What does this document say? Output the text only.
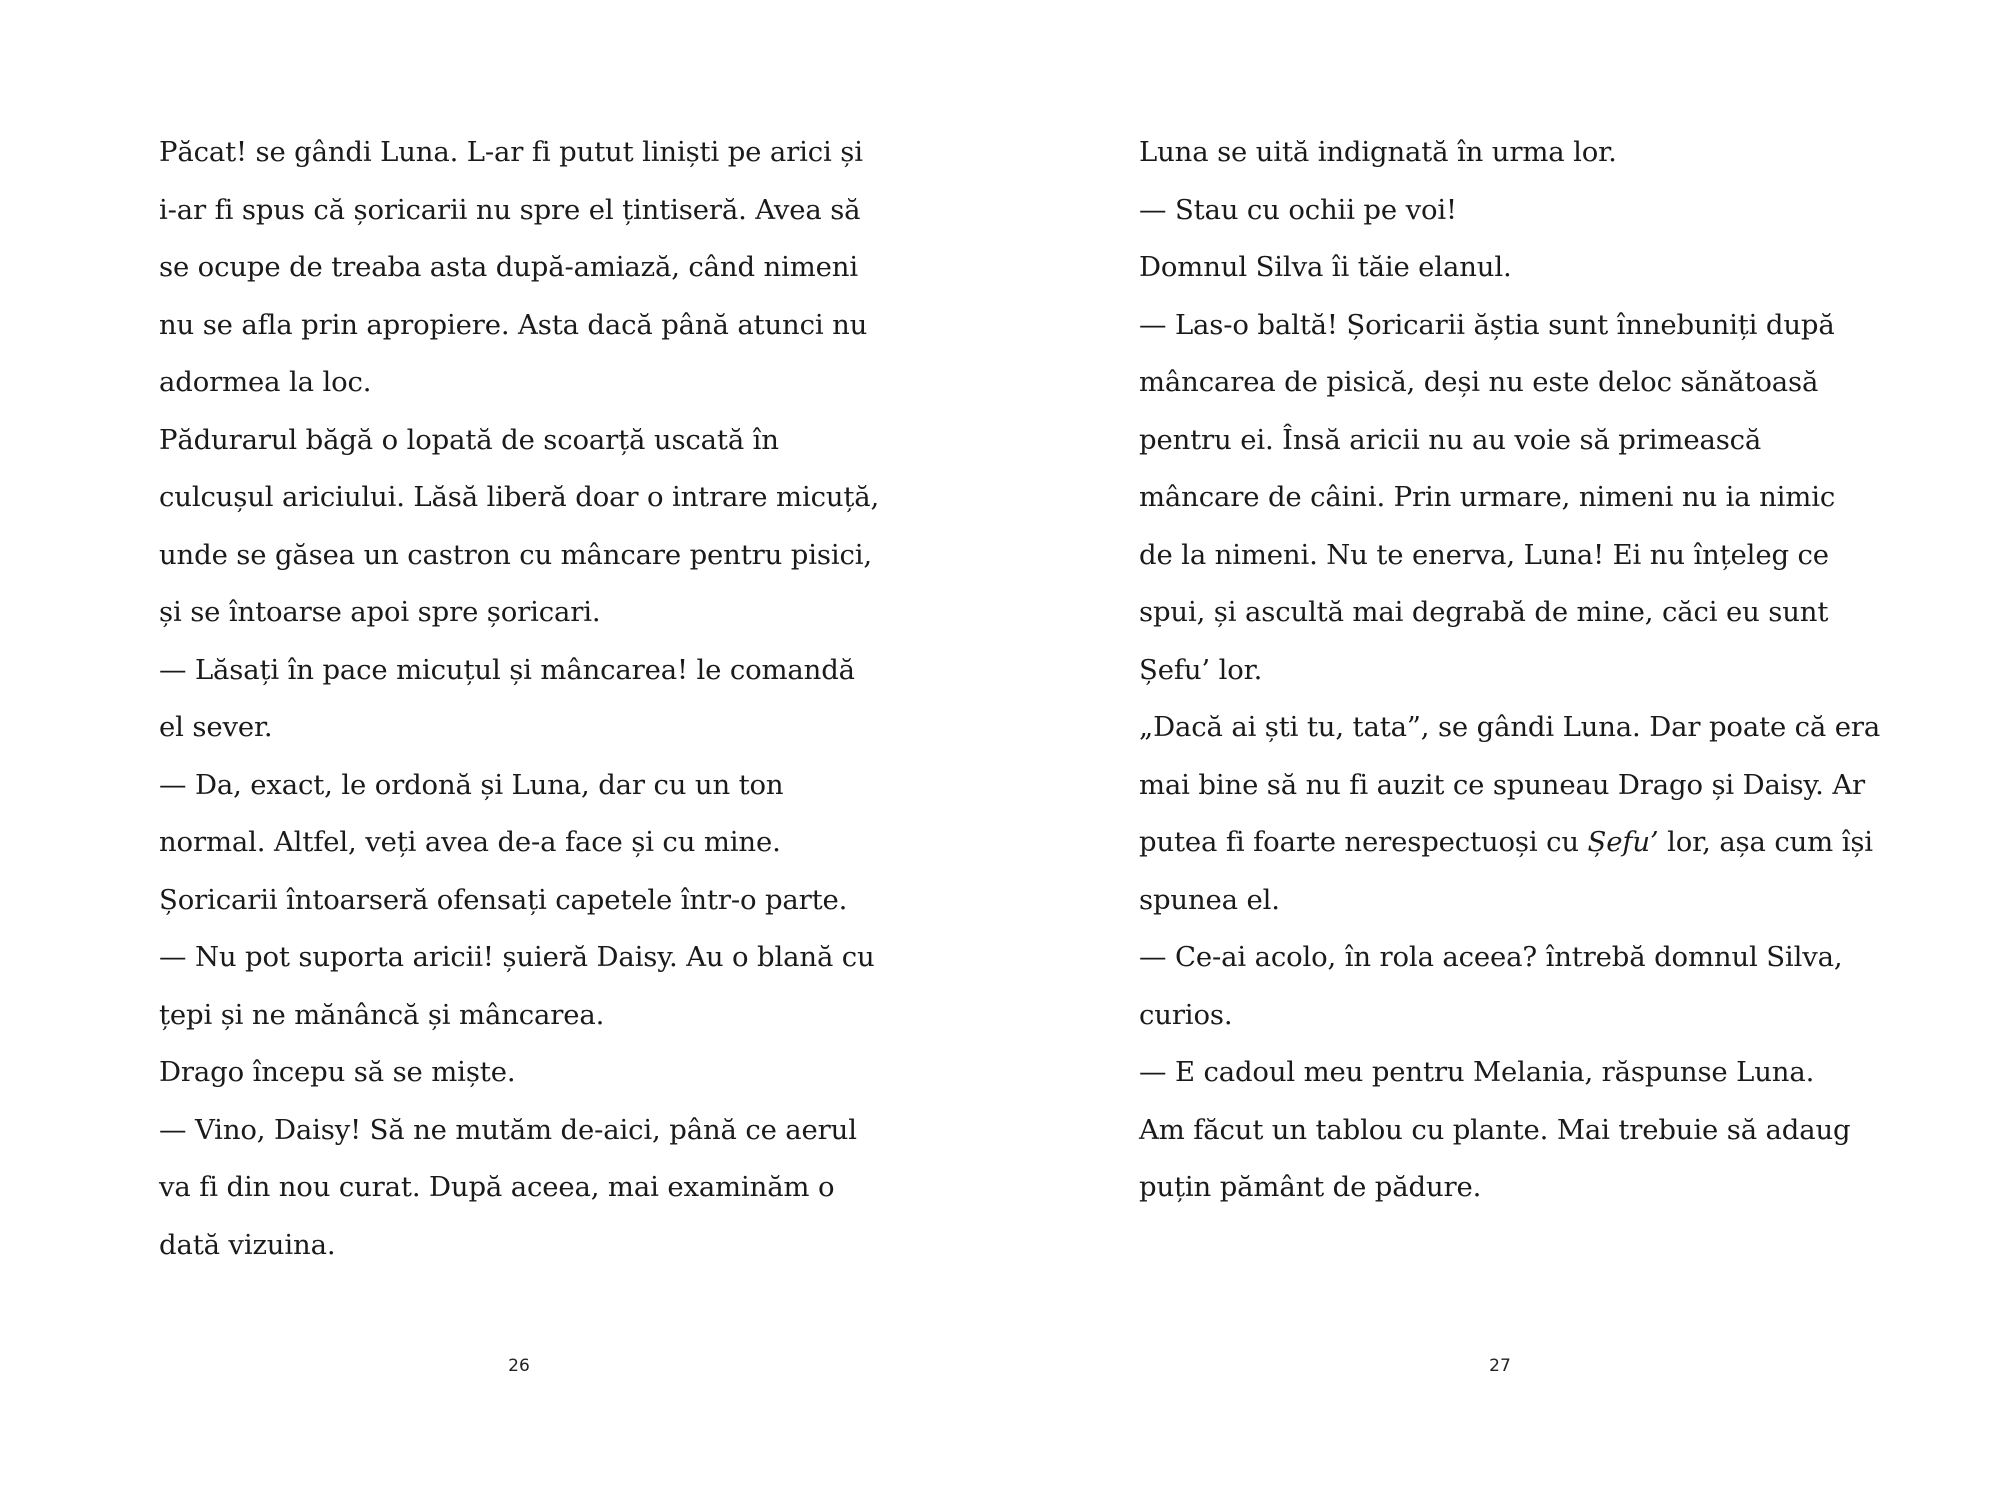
Păcat! se gândi Luna. L-ar fi putut liniști pe arici și
i-ar fi spus că șoricarii nu spre el țintiseră. Avea să
se ocupe de treaba asta după-amiază, când nimeni
nu se afla prin apropiere. Asta dacă până atunci nu
adormea la loc.
Pădurarul băgă o lopată de scoarță uscată în
culcușul ariciului. Lăsă liberă doar o intrare micuță,
unde se găsea un castron cu mâncare pentru pisici,
și se întoarse apoi spre șoricari.
— Lăsați în pace micuțul și mâncarea! le comandă
el sever.
— Da, exact, le ordonă și Luna, dar cu un ton
normal. Altfel, veți avea de-a face și cu mine.
Șoricarii întoarseră ofensați capetele într-o parte.
— Nu pot suporta aricii! șuieră Daisy. Au o blană cu
țepi și ne mănâncă și mâncarea.
Drago începu să se miște.
— Vino, Daisy! Să ne mutăm de-aici, până ce aerul
va fi din nou curat. După aceea, mai examinăm o
dată vizuina.
Luna se uită indignată în urma lor.
— Stau cu ochii pe voi!
Domnul Silva îi tăie elanul.
— Las-o baltă! Șoricarii ăștia sunt înnebuniți după
mâncarea de pisică, deși nu este deloc sănătoasă
pentru ei. Însă aricii nu au voie să primească
mâncare de câini. Prin urmare, nimeni nu ia nimic
de la nimeni. Nu te enerva, Luna! Ei nu înțeleg ce
spui, și ascultă mai degrabă de mine, căci eu sunt
Șefu’ lor.
„Dacă ai ști tu, tata”, se gândi Luna. Dar poate că era
mai bine să nu fi auzit ce spuneau Drago și Daisy. Ar
putea fi foarte nerespectuoși cu Șefu’ lor, așa cum își
spunea el.
— Ce-ai acolo, în rola aceea? întrebă domnul Silva,
curios.
— E cadoul meu pentru Melania, răspunse Luna.
Am făcut un tablou cu plante. Mai trebuie să adaug
puțin pământ de pădure.
26	27
